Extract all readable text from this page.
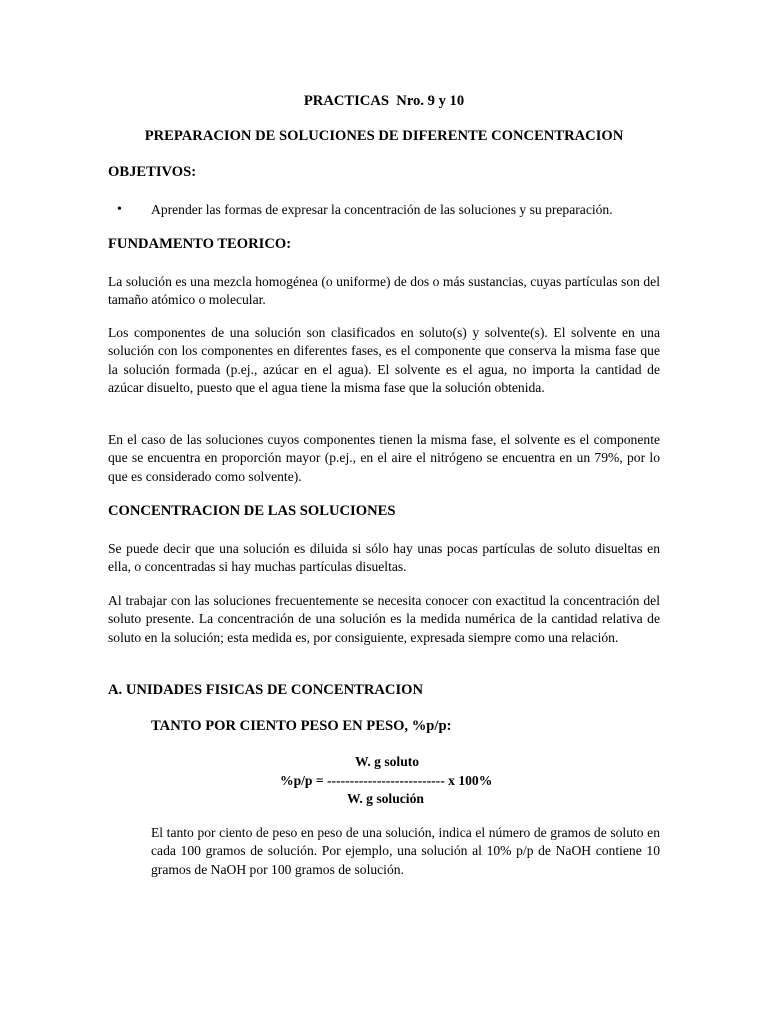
PRACTICAS  Nro. 9 y 10
PREPARACION DE SOLUCIONES DE DIFERENTE CONCENTRACION
OBJETIVOS:
• Aprender las formas de expresar la concentración de las soluciones y su preparación.
FUNDAMENTO TEORICO:

La solución es una mezcla homogénea (o uniforme) de dos o más sustancias, cuyas partículas son del tamaño atómico o molecular.

Los componentes de una solución son clasificados en soluto(s) y solvente(s). El solvente en una solución con los componentes en diferentes fases, es el componente que conserva la misma fase que la solución formada (p.ej., azúcar en el agua). El solvente es el agua, no importa la cantidad de azúcar disuelto, puesto que el agua tiene la misma fase que la solución obtenida.

En el caso de las soluciones cuyos componentes tienen la misma fase, el solvente es el componente que se encuentra en proporción mayor (p.ej., en el aire el nitrógeno se encuentra en un 79%, por lo que es considerado como solvente).

CONCENTRACION DE LAS SOLUCIONES

Se puede decir que una solución es diluida si sólo hay unas pocas partículas de soluto disueltas en ella, o concentradas si hay muchas partículas disueltas.

Al trabajar con las soluciones frecuentemente se necesita conocer con exactitud la concentración del soluto presente. La concentración de una solución es la medida numérica de la cantidad relativa de soluto en la solución; esta medida es, por consiguiente, expresada siempre como una relación.

A. UNIDADES FISICAS DE CONCENTRACION
TANTO POR CIENTO PESO EN PESO, %p/p:
W. g soluto
%p/p = -------------------------- x 100%
W. g solución

El tanto por ciento de peso en peso de una solución, indica el número de gramos de soluto en cada 100 gramos de solución. Por ejemplo, una solución al 10% p/p de NaOH contiene 10 gramos de NaOH por 100 gramos de solución.
